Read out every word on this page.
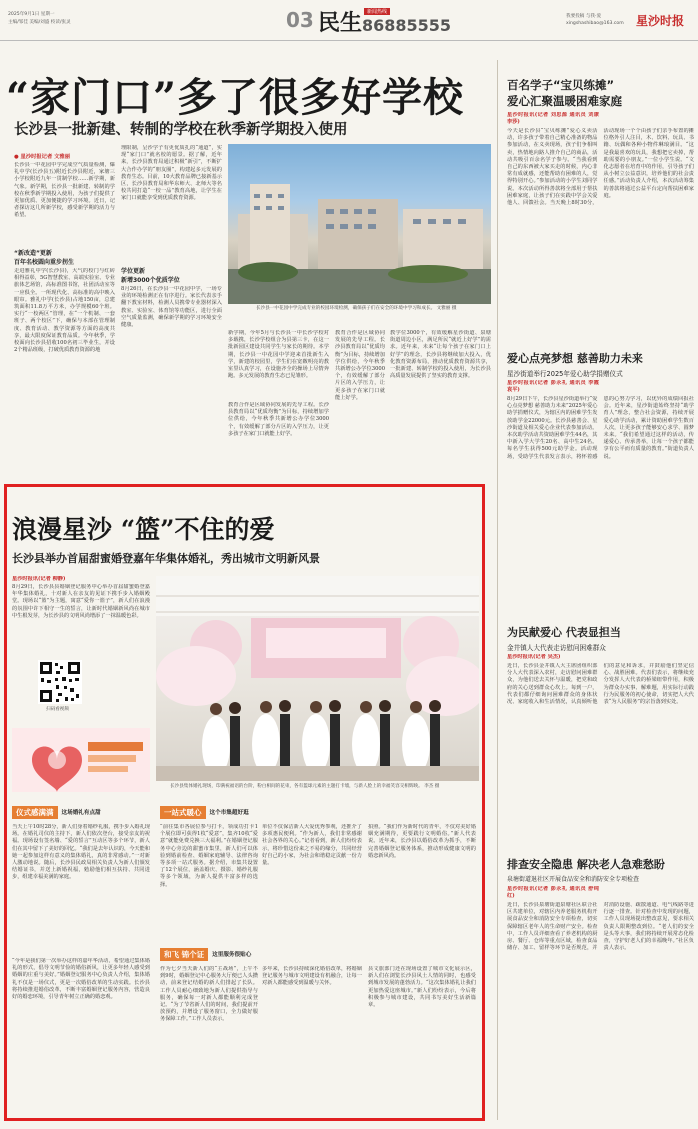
2025年9月1日 星期一
主编/邹佳 美编/刘盛 校读/张灵	03 民生 新闻热线
86885555	我要投稿 与我·爱
xingshashibao@163.com 星沙时报
“家门口”多了很多好学校
长沙县一批新建、转制的学校在秋季新学期投入使用
● 星沙时报记者 文雅丽
长沙县一中花园中学完成空气质量检测，爆礼中学(长沙县五)附近长沙县附近，家塘三小学校附近九年一贯制学校……新学期，新气象。新学期，长沙县一批新建、转制的学校在秋季新学期投入使用，为孩子们提供了更加优质、更加便捷的学习环境。近日，记者探访这几所新学校，感受新学期的活力与希望。
“新改造”更新
百年名校圆向重步拐生
走进雅礼中学(长沙县)，大气的校门与红砖相得益彰，5G智慧教室、高端实验室、专业旅体艺场馆，高标准图书馆，社团活动室等一应俱全。一所现代化、高标准的高中映入眼帘。雅礼中学(长沙县)占地150亩，总建筑面积11.8万平方米，办学规模60个班。实行“一校两区”管理，在“一个机制、一套班子、两个校区”下，确保与本部在管理制度、教育活动、教学资源等方面的高度共享，最大限度保证教育品质。今年秋季，学校面向长沙县招收100名初三毕业生，并设2个精品班级，打破优质教育资源的地
理限制，呈沙学子有更优质扎的“通道”，实现“家门口”就名校的愿景。据了解，近年来，长沙县教育局通过积极“新引”，不断扩大合作办学的“朋友圈”，构建起多元发展的教育生态。目前，10大教育品牌已接新基示区，长沙县教育局和华东师大、北师大等名校共同打造“一校一品”教育高地，让学生在家门口就能享受到优质教育资源。
学位更新
新增3000个优质学位
8月26日，在长沙县一中花园中学，一场专业的环境检测正在有序进行。家长代表亲手翻下教室材料，检测人员携带专业器材深入教室、实验室、体育馆等功能区，进行全面空气质量监测，确保新学期的学习环境安全健康。
长沙县一中花园中学完成专业的校园环境检测，确保孩子们在安全的环境中学习和成长。 文雅丽 摄
新学期，今年5月与长沙县一中长沙学校对多载携，长沙学校组合为县第三卡，在这一批新园区建设共同学生与家长的期待。本学期，长沙县一中花园中学迎来首批新生入学，新建的校园里，学生们在宽敞明亮的教室里认真学习，在设施齐全的操场上尽情奔跑。多元发展的教育生态已见雏形。
教育合作是区域协同发展的先导工程。长沙县教育局以“优质均衡”为目标，持续增加学位供给，今年秋季共新增公办学位3000个，有效缓解了部分片区的入学压力，让更多孩子在家门口就能上好学。
教学位3000个，有效缓解星沙街道、泉塘街道周边小区，满足所民“就近上好学”的需求。近年来，未来“让每个孩子在家门口上好学”的理念，长沙县将继续加大投入，优化教育资源布局，推动优质教育资源共享，一批新建、转制学校的投入使用，为长沙县高质量发展提供了坚实的教育支撑。
教育合作是区域协同发展的先导工程。长沙县教育局以“优质均衡”为目标，持续增加学位供给，今年秋季共新增公办学位3000个，有效缓解了部分片区的入学压力，让更多孩子在家门口就能上好学。
百名学子“宝贝练摊”
爱心汇聚温暖困难家庭
星沙时报讯(记者 刘思源 通讯员 刘康 李莎)
今天是长沙县“宝贝练摊”爱心义卖活动，许多孩子带着自己精心准备的物品参加活动，在义卖现场，孩子们争相叫卖，热情地向路人推介自己的商品，活动共吸引百余名学子参与。“当我看到自己的东西被大家买走的时候，内心非常有成就感，还能帮助有困难的人，觉得特别开心。”参加活动的小学生刘同学说。本次活动所得善款将全部用于帮扶困难家庭，让孩子们在实践中学会关爱他人、回馈社会。当天晚上8时30分，活动现场一个个由孩子们亲手布置的摊位格外引人注目，木、饮料、玩具、书籍、玩偶和各种小物件琳琅满目。“这是我最喜欢的玩具，我想把它卖掉，帮助需要的小朋友。”一位小学生说。“文化志愿者在培育中的作用，引导孩子们从小树立公益意识，培养他们的社会责任感。”活动负责人介绍，本次活动筹集的善款将通过公益平台定向帮扶困难家庭。
爱心点亮梦想 慈善助力未来
星沙街道举行2025年爱心助学捐赠仪式
星沙时报讯(记者 彭永礼 通讯员 李霞 袁平)
8月29日下午，长沙县星沙街道举行“爱心点亮梦想 慈善助力未来”2025年爱心助学捐赠仪式，为辖区内的困难学生发放助学金22000元。长沙县慈善会、星沙街道及相关爱心企业代表参加活动。本次助学活动共资助困难学生44名，其中新入学大学生20名、高中生24名。每名学生获得500元助学金。活动现场，受助学生代表发言表示，将怀着感恩的心努力学习，以优异的成绩回报社会。近年来，星沙街道始终坚持“助学育人”理念，整合社会资源，持续开展爱心助学活动，累计资助困难学生数百人次，让更多孩子能够安心求学、圆梦未来。“我们希望通过这样的活动，传递爱心、传承善举，让每一个孩子都能享有公平而有质量的教育。”街道负责人说。
为民献爱心 代表显担当
金井镇人大代表走访慰问困难群众
星沙时报讯(记者 吴杰)
近日，长沙县金井镇人大主席团组织部分人大代表深入农村，走访慰问困难群众，为他们送去关怀与温暖，把党和政府的关心送到群众心坎上。每到一户，代表们都仔细询问困难群众的身体状况、家庭收入和生活情况，认真倾听他们的意见和诉求，并鼓励他们坚定信心、战胜困难。代表们表示，将继续充分发挥人大代表的桥梁纽带作用，积极为群众办实事、解难题，用实际行动践行为民服务的初心使命，切实把人大代表“为人民服务”的宗旨落到实处。
排查安全隐患 解决老人急难愁盼
泉塘街道退社区开展食品安全和消防安全专项检查
星沙时报讯(记者 彭永礼 通讯员 舒纯红)
近日，长沙县泉塘街道泉塘社区联合社区共建单位，对辖区内养老服务机构开展食品安全和消防安全专项检查，切实保障辖区老年人的生命财产安全。检查中，工作人员详细查看了养老机构的厨房、餐厅、仓库等重点区域，检查食品储存、加工、留样等环节是否规范，并对消防设施、疏散通道、电气线路等进行逐一排查。针对检查中发现的问题，工作人员现场提出整改意见，要求相关负责人限期整改到位。“老人们的安全是头等大事，我们将持续开展常态化检查，守护好老人们的幸福晚年。”社区负责人表示。
浪漫星沙 “篮”不住的爱
长沙县举办首届甜蜜婚登嘉年华集体婚礼，秀出城市文明新风景
星沙时报讯(记者 柳静)
8月29日，长沙县县婚姻登记服务中心举办首届甜蜜婚登嘉年华集体婚礼，十对新人在亲友的见证下携手步入婚姻殿堂。现场以“篮”为主题，寓意“爱你一篮子”，新人们在浪漫的氛围中许下相守一生的誓言，让新时代婚姻新风尚在城市中生根发芽，为长沙县的文明风尚增添了一抹温暖色彩。
扫码看视频
长沙县集体婚礼现场，印满祝福语的台阶，粉白相间的花束，各有篮球元素的主题打卡墙，与新人脸上的幸福笑容交相辉映。 李杰 摄
仪式感满满	这场婚礼有点甜
当天上午10时28分，新人们身着婚纱礼服，携手步入婚礼现场。在婚礼司仪的主持下，新人们依次登台，接受亲友的祝福。现场设有签名墙、“爱的誓言”互动区等多个环节，新人们在其中留下了美好的回忆。“我们是去年认识的，今天能和她一起参加这样有意义的集体婚礼，真的非常感动。”一对新人激动地说。随后，长沙县民政局相关负责人为新人们颁发结婚证书，并送上新婚祝福，勉励他们相互扶持、共同进步，组建幸福美满的家庭。
“今年是我们第一次举办这样的嘉年华活动，希望通过集体婚礼的形式，倡导文明节俭的婚俗新风，让更多年轻人感受到婚姻的庄重与美好。”婚姻登记服务中心负责人介绍，集体婚礼不仅是一场仪式，更是一次婚俗改革的生动实践。长沙县将持续推进婚俗改革，不断丰富婚姻登记服务内容，营造良好的婚恋环境，引导青年树立正确的婚恋观。
一站式暖心	这个市集超好逛
“前往集市各展位参与打卡，领成功打卡1个展位即可获得1枚“爱意”，集齐10枚“爱意”就能免费兑换三大福利。”在婚姻登记服务中心旁边的甜蜜市集里，新人们可以体验到婚前检查、婚姻家庭辅导、法律咨询等多项一站式服务。据介绍，市集共设置了12个展位，涵盖婚庆、摄影、婚纱礼服等多个领域，为新人提供丰富多样的选择。
和飞 锦个证	这里服务很贴心
作为七夕当天新人们的“主战场”，上午不到9时，婚姻登记中心服务大厅便已人头攒动，前来登记结婚的新人们排起了长队。工作人员耐心细致地为新人们提供指导与服务，确保每一对新人都能顺利完成登记。“为了节省新人们的时间，我们提前开放预约，并增设了服务窗口，全力做好服务保障工作。”工作人员表示。
单位不仅保洁新人大爱优秀参观，还推介了多项惠民便利。“作为新人，我们非常感谢社会各界的关心。”记者看到，新人们纷纷表示，将珍惜这份来之不易的缘分，共同经营好自己的小家，为社会和谐稳定贡献一份力量。
多年来，长沙县持续深化婚俗改革，将婚姻登记服务与城市文明建设有机融合，让每一对新人都能感受到温暖与关怀。
拍照。“我们作为新时代的青年，不仅对美好婚姻充满期待，更要践行文明婚俗。”新人代表说。近年来，长沙县以婚俗改革为抓手，不断完善婚姻登记服务体系，推动形成健康文明的婚恋新风尚。
县文旅部门还在现场设置了城市文化展示区，新人们在浏览长沙县风土人情的同时，也感受到城市发展的蓬勃活力。“这次集体婚礼让我们更加热爱这座城市。”新人们纷纷表示，今后将积极参与城市建设，共同书写美好生活新篇章。
